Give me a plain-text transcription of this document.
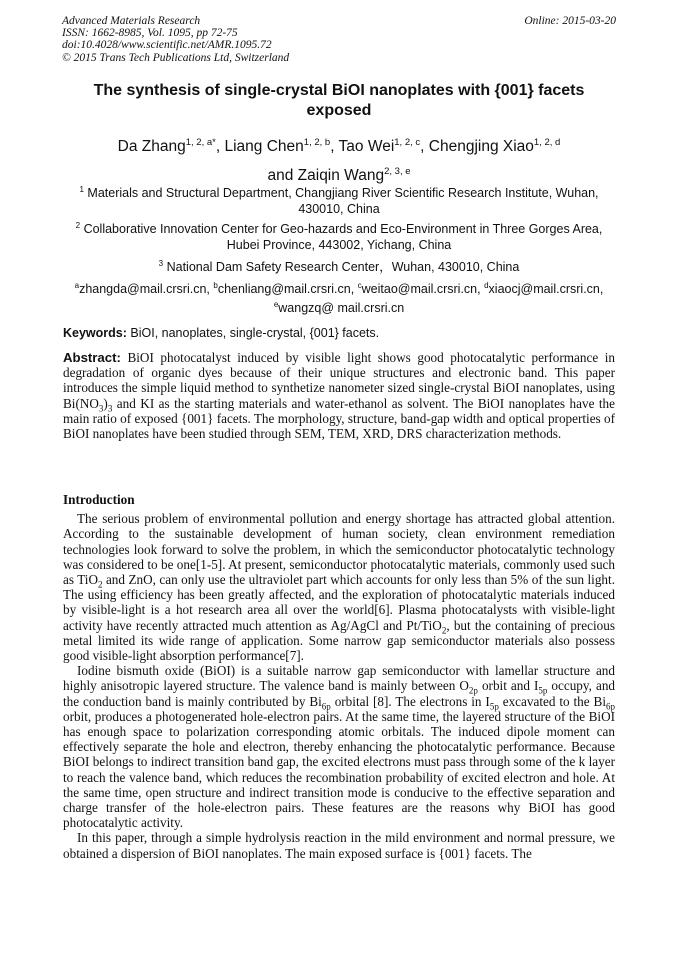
Advanced Materials Research
ISSN: 1662-8985, Vol. 1095, pp 72-75
doi:10.4028/www.scientific.net/AMR.1095.72
© 2015 Trans Tech Publications Ltd, Switzerland
Online: 2015-03-20
The synthesis of single-crystal BiOI nanoplates with {001} facets exposed
Da Zhang$^{1, 2, a*}$, Liang Chen$^{1, 2, b}$, Tao Wei$^{1, 2, c}$, Chengjing Xiao$^{1, 2, d}$
and Zaiqin Wang$^{2, 3, e}$
$^1$ Materials and Structural Department, Changjiang River Scientific Research Institute, Wuhan, 430010, China
$^2$ Collaborative Innovation Center for Geo-hazards and Eco-Environment in Three Gorges Area, Hubei Province, 443002, Yichang, China
$^3$ National Dam Safety Research Center，Wuhan, 430010, China
$^a$zhangda@mail.crsri.cn, $^b$chenliang@mail.crsri.cn, $^c$weitao@mail.crsri.cn, $^d$xiaocj@mail.crsri.cn,
$^e$wangzq@ mail.crsri.cn
Keywords: BiOI, nanoplates, single-crystal, {001} facets.

Abstract: BiOI photocatalyst induced by visible light shows good photocatalytic performance in degradation of organic dyes because of their unique structures and electronic band. This paper introduces the simple liquid method to synthetize nanometer sized single-crystal BiOI nanoplates, using $Bi(NO_3)_3$ and KI as the starting materials and water-ethanol as solvent. The BiOI nanoplates have the main ratio of exposed {001} facets. The morphology, structure, band-gap width and optical properties of BiOI nanoplates have been studied through SEM, TEM, XRD, DRS characterization methods.

Introduction

The serious problem of environmental pollution and energy shortage has attracted global attention. According to the sustainable development of human society, clean environment remediation technologies look forward to solve the problem, in which the semiconductor photocatalytic technology was considered to be one[1-5]. At present, semiconductor photocatalytic materials, commonly used such as TiO$_2$ and ZnO, can only use the ultraviolet part which accounts for only less than 5% of the sun light. The using efficiency has been greatly affected, and the exploration of photocatalytic materials induced by visible-light is a hot research area all over the world[6]. Plasma photocatalysts with visible-light activity have recently attracted much attention as Ag/AgCl and Pt/TiO$_2$, but the containing of precious metal limited its wide range of application. Some narrow gap semiconductor materials also possess good visible-light absorption performance[7].

Iodine bismuth oxide (BiOI) is a suitable narrow gap semiconductor with lamellar structure and highly anisotropic layered structure. The valence band is mainly between $O_{2p}$ orbit and $I_{5p}$ occupy, and the conduction band is mainly contributed by $Bi_{6p}$ orbital [8]. The electrons in $I_{5p}$ excavated to the $Bi_{6p}$ orbit, produces a photogenerated hole-electron pairs. At the same time, the layered structure of the BiOI has enough space to polarization corresponding atomic orbitals. The induced dipole moment can effectively separate the hole and electron, thereby enhancing the photocatalytic performance. Because BiOI belongs to indirect transition band gap, the excited electrons must pass through some of the k layer to reach the valence band, which reduces the recombination probability of excited electron and hole. At the same time, open structure and indirect transition mode is conducive to the effective separation and charge transfer of the hole-electron pairs. These features are the reasons why BiOI has good photocatalytic activity.

In this paper, through a simple hydrolysis reaction in the mild environment and normal pressure, we obtained a dispersion of BiOI nanoplates. The main exposed surface is {001} facets. The
